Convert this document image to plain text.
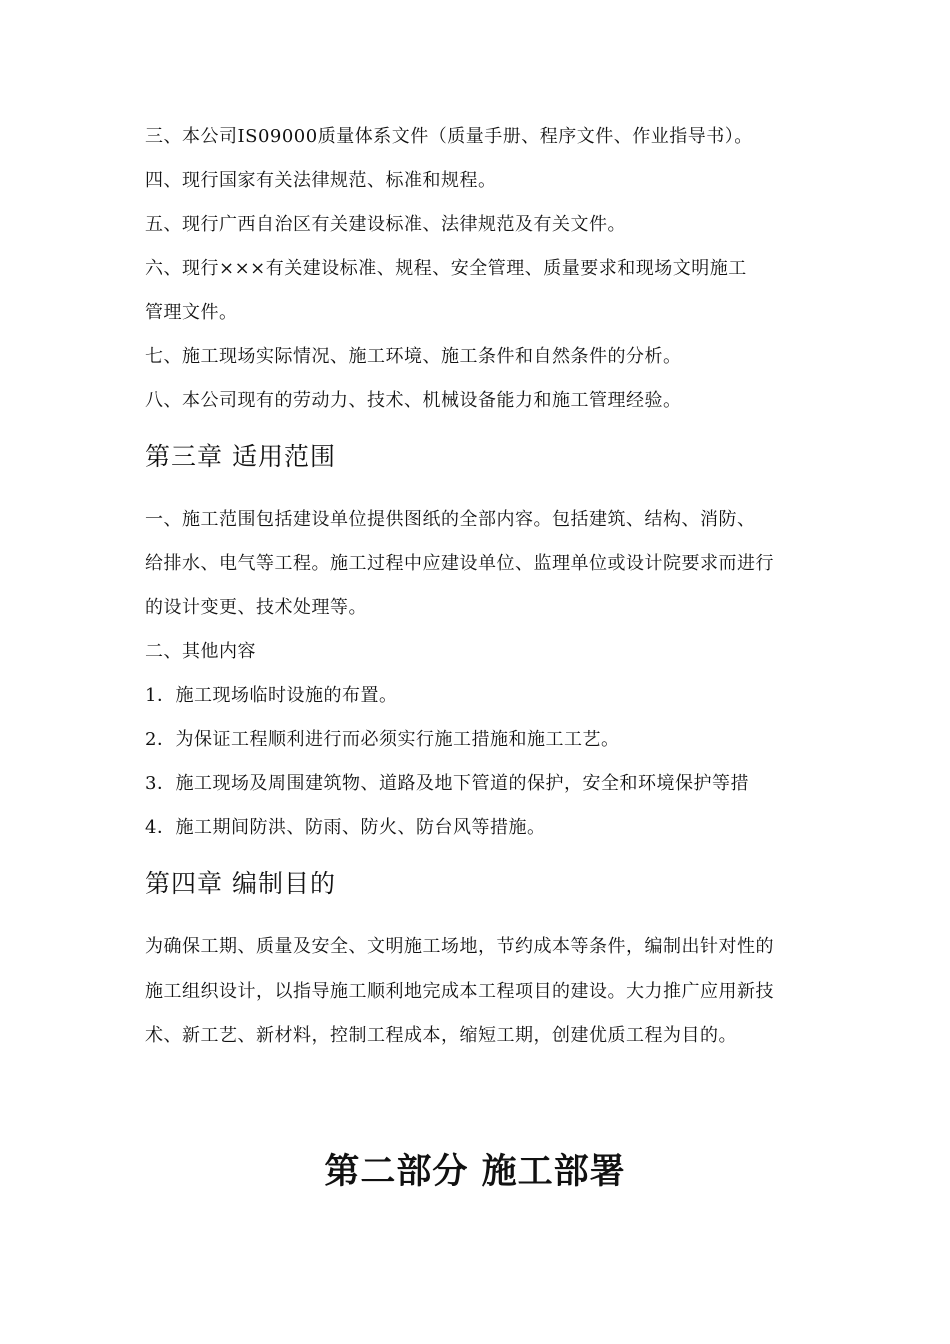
三、本公司IS09000质量体系文件（质量手册、程序文件、作业指导书）。
四、现行国家有关法律规范、标准和规程。
五、现行广西自治区有关建设标准、法律规范及有关文件。
六、现行×××有关建设标准、规程、安全管理、质量要求和现场文明施工
管理文件。
七、施工现场实际情况、施工环境、施工条件和自然条件的分析。
八、本公司现有的劳动力、技术、机械设备能力和施工管理经验。
第三章 适用范围
一、施工范围包括建设单位提供图纸的全部内容。包括建筑、结构、消防、
给排水、电气等工程。施工过程中应建设单位、监理单位或设计院要求而进行
的设计变更、技术处理等。
二、其他内容
1．施工现场临时设施的布置。
2．为保证工程顺利进行而必须实行施工措施和施工工艺。
3．施工现场及周围建筑物、道路及地下管道的保护，安全和环境保护等措
4．施工期间防洪、防雨、防火、防台风等措施。
第四章 编制目的
为确保工期、质量及安全、文明施工场地，节约成本等条件，编制出针对性的
施工组织设计，以指导施工顺利地完成本工程项目的建设。大力推广应用新技
术、新工艺、新材料，控制工程成本，缩短工期，创建优质工程为目的。
第二部分 施工部署
